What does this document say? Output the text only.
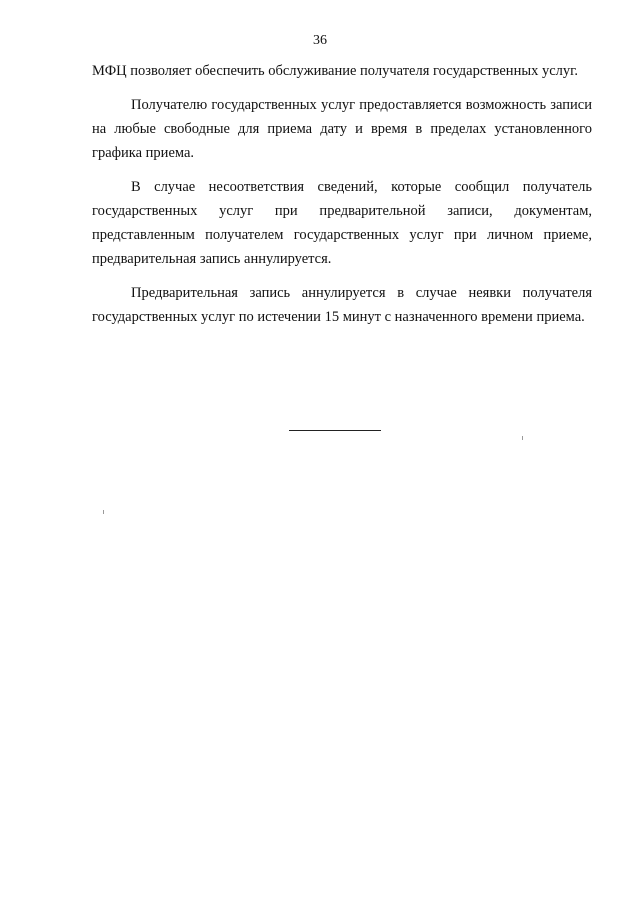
36

МФЦ позволяет обеспечить обслуживание получателя государственных услуг.

Получателю государственных услуг предоставляется возможность записи на любые свободные для приема дату и время в пределах установленного графика приема.

В случае несоответствия сведений, которые сообщил получатель государственных услуг при предварительной записи, документам, представленным получателем государственных услуг при личном приеме, предварительная запись аннулируется.

Предварительная запись аннулируется в случае неявки получателя государственных услуг по истечении 15 минут с назначенного времени приема.
